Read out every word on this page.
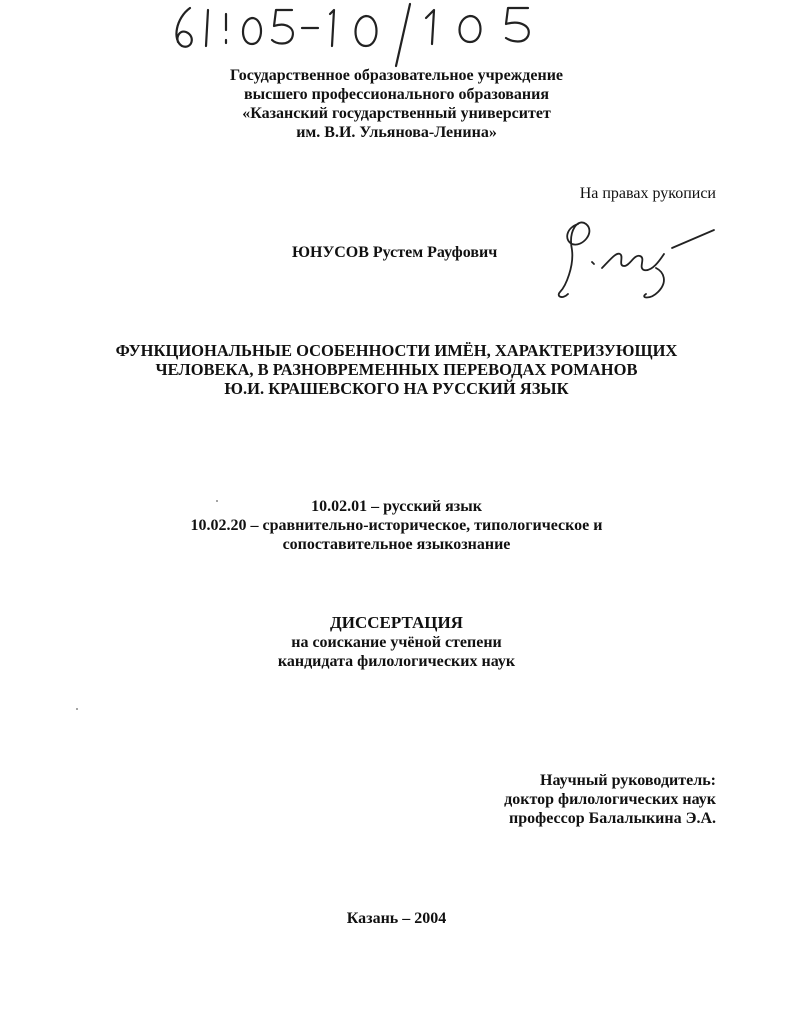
Государственное образовательное учреждение
высшего профессионального образования
«Казанский государственный университет
им. В.И. Ульянова-Ленина»
На правах рукописи
ЮНУСОВ Рустем Рауфович
ФУНКЦИОНАЛЬНЫЕ ОСОБЕННОСТИ ИМЁН, ХАРАКТЕРИЗУЮЩИХ
ЧЕЛОВЕКА, В РАЗНОВРЕМЕННЫХ ПЕРЕВОДАХ РОМАНОВ
Ю.И. КРАШЕВСКОГО НА РУССКИЙ ЯЗЫК
10.02.01 – русский язык
10.02.20 – сравнительно-историческое, типологическое и
сопоставительное языкознание
ДИССЕРТАЦИЯ
на соискание учёной степени
кандидата филологических наук
Научный руководитель:
доктор филологических наук
профессор Балалыкина Э.А.
Казань – 2004
